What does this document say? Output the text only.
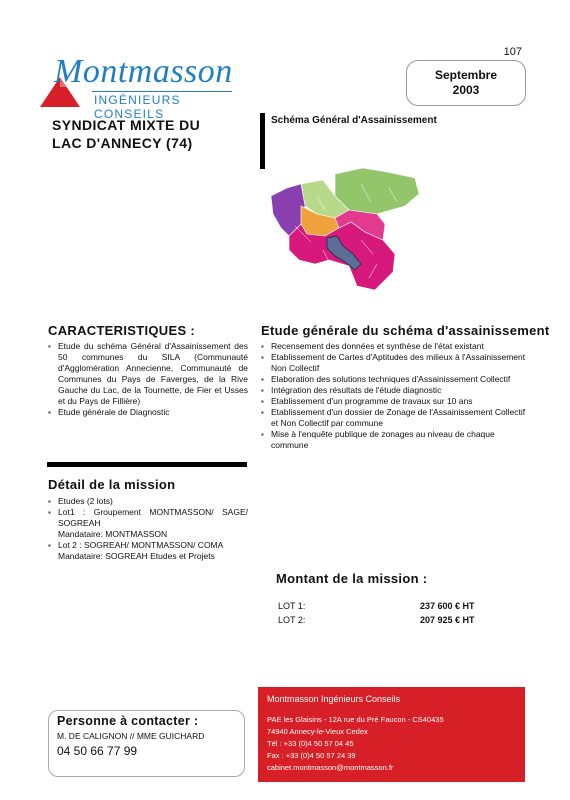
107
Montmasson
INGÉNIEURS CONSEILS
Septembre
2003
SYNDICAT MIXTE DU
LAC D'ANNECY (74)
Schéma Général d'Assainissement
CARACTERISTIQUES :
▪ Etude du schéma Général d'Assainissement des 50 communes du SILA (Communauté d'Agglomération Annecienne, Communauté de Communes du Pays de Faverges, de la Rive Gauche du Lac, de la Tournette, de Fier et Usses et du Pays de Fillière)
▪ Etude générale de Diagnostic
Etude générale du schéma d'assainissement
▪ Recensement des données et synthèse de l'état existant
▪ Etablissement de Cartes d'Aptitudes des milieux à l'Assainissement Non Collectif
▪ Elaboration des solutions techniques d'Assainissement Collectif
▪ Intégration des résultats de l'étude diagnostic
▪ Etablissement d'un programme de travaux sur 10 ans
▪ Etablissement d'un dossier de Zonage de l'Assainissement Collectif et Non Collectif par commune
▪ Mise à l'enquête publique de zonages au niveau de chaque commune
Détail de la mission
▪ Etudes (2 lots)
▪ Lot1 : Groupement MONTMASSON/ SAGE/ SOGREAH
Mandataire: MONTMASSON
▪ Lot 2 : SOGREAH/ MONTMASSON/ COMA
Mandataire: SOGREAH Etudes et Projets
Montant de la mission :
LOT 1:	237 600 € HT
LOT 2:	207 925 € HT
Montmasson Ingénieurs Conseils
PAE les Glaisins - 12A rue du Pré Faucon - CS40435
74940 Annecy-le-Vieux Cedex
Tél : +33 (0)4 50 57 04 45
Fax : +33 (0)4 50 57 24 39
cabinet.montmasson@montmasson.fr
Personne à contacter :
M. DE CALIGNON // MME GUICHARD
04 50 66 77 99
